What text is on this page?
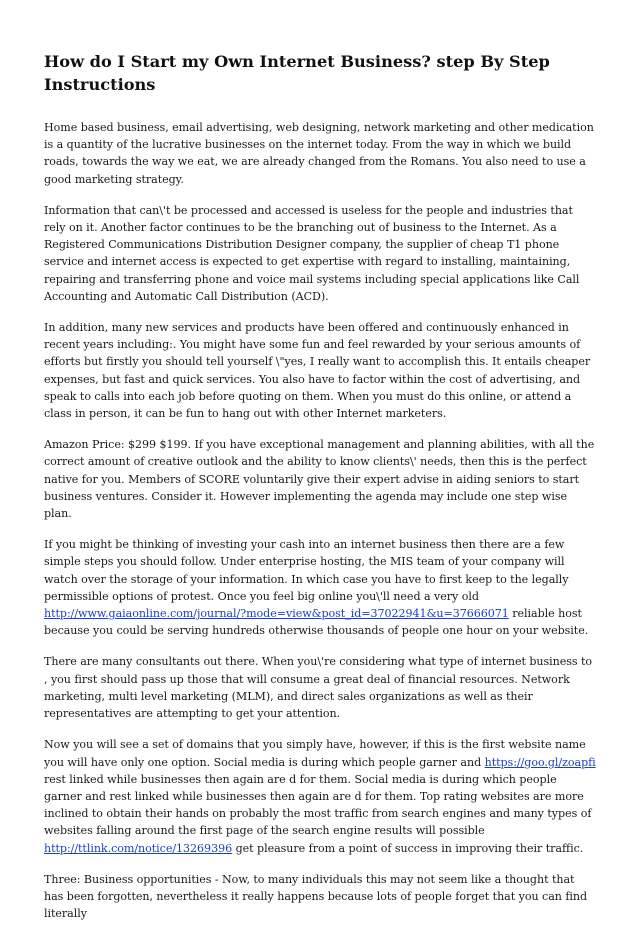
How do I Start my Own Internet Business? step By Step Instructions

Home based business, email advertising, web designing, network marketing and other medication is a quantity of the lucrative businesses on the internet today. From the way in which we build roads, towards the way we eat, we are already changed from the Romans. You also need to use a good marketing strategy.

Information that can\'t be processed and accessed is useless for the people and industries that rely on it. Another factor continues to be the branching out of business to the Internet. As a Registered Communications Distribution Designer company, the supplier of cheap T1 phone service and internet access is expected to get expertise with regard to installing, maintaining, repairing and transferring phone and voice mail systems including special applications like Call Accounting and Automatic Call Distribution (ACD).

In addition, many new services and products have been offered and continuously enhanced in recent years including:. You might have some fun and feel rewarded by your serious amounts of efforts but firstly you should tell yourself \"yes, I really want to accomplish this. It entails cheaper expenses, but fast and quick services. You also have to factor within the cost of advertising, and speak to calls into each job before quoting on them. When you must do this online, or attend a class in person, it can be fun to hang out with other Internet marketers.

Amazon Price: $299 $199. If you have exceptional management and planning abilities, with all the correct amount of creative outlook and the ability to know clients\' needs, then this is the perfect native for you. Members of SCORE voluntarily give their expert advise in aiding seniors to start business ventures. Consider it. However implementing the agenda may include one step wise plan.

If you might be thinking of investing your cash into an internet business then there are a few simple steps you should follow. Under enterprise hosting, the MIS team of your company will watch over the storage of your information. In which case you have to first keep to the legally permissible options of protest. Once you feel big online you\'ll need a very old http://www.gaiaonline.com/journal/?mode=view&post_id=37022941&u=37666071 reliable host because you could be serving hundreds otherwise thousands of people one hour on your website.

There are many consultants out there. When you\'re considering what type of internet business to , you first should pass up those that will consume a great deal of financial resources. Network marketing, multi level marketing (MLM), and direct sales organizations as well as their representatives are attempting to get your attention.

Now you will see a set of domains that you simply have, however, if this is the first website name you will have only one option. Social media is during which people garner and https://goo.gl/zoapfi rest linked while businesses then again are d for them. Social media is during which people garner and rest linked while businesses then again are d for them. Top rating websites are more inclined to obtain their hands on probably the most traffic from search engines and many types of websites falling around the first page of the search engine results will possible http://ttlink.com/notice/13269396 get pleasure from a point of success in improving their traffic.

Three: Business opportunities - Now, to many individuals this may not seem like a thought that has been forgotten, nevertheless it really happens because lots of people forget that you can find literally
